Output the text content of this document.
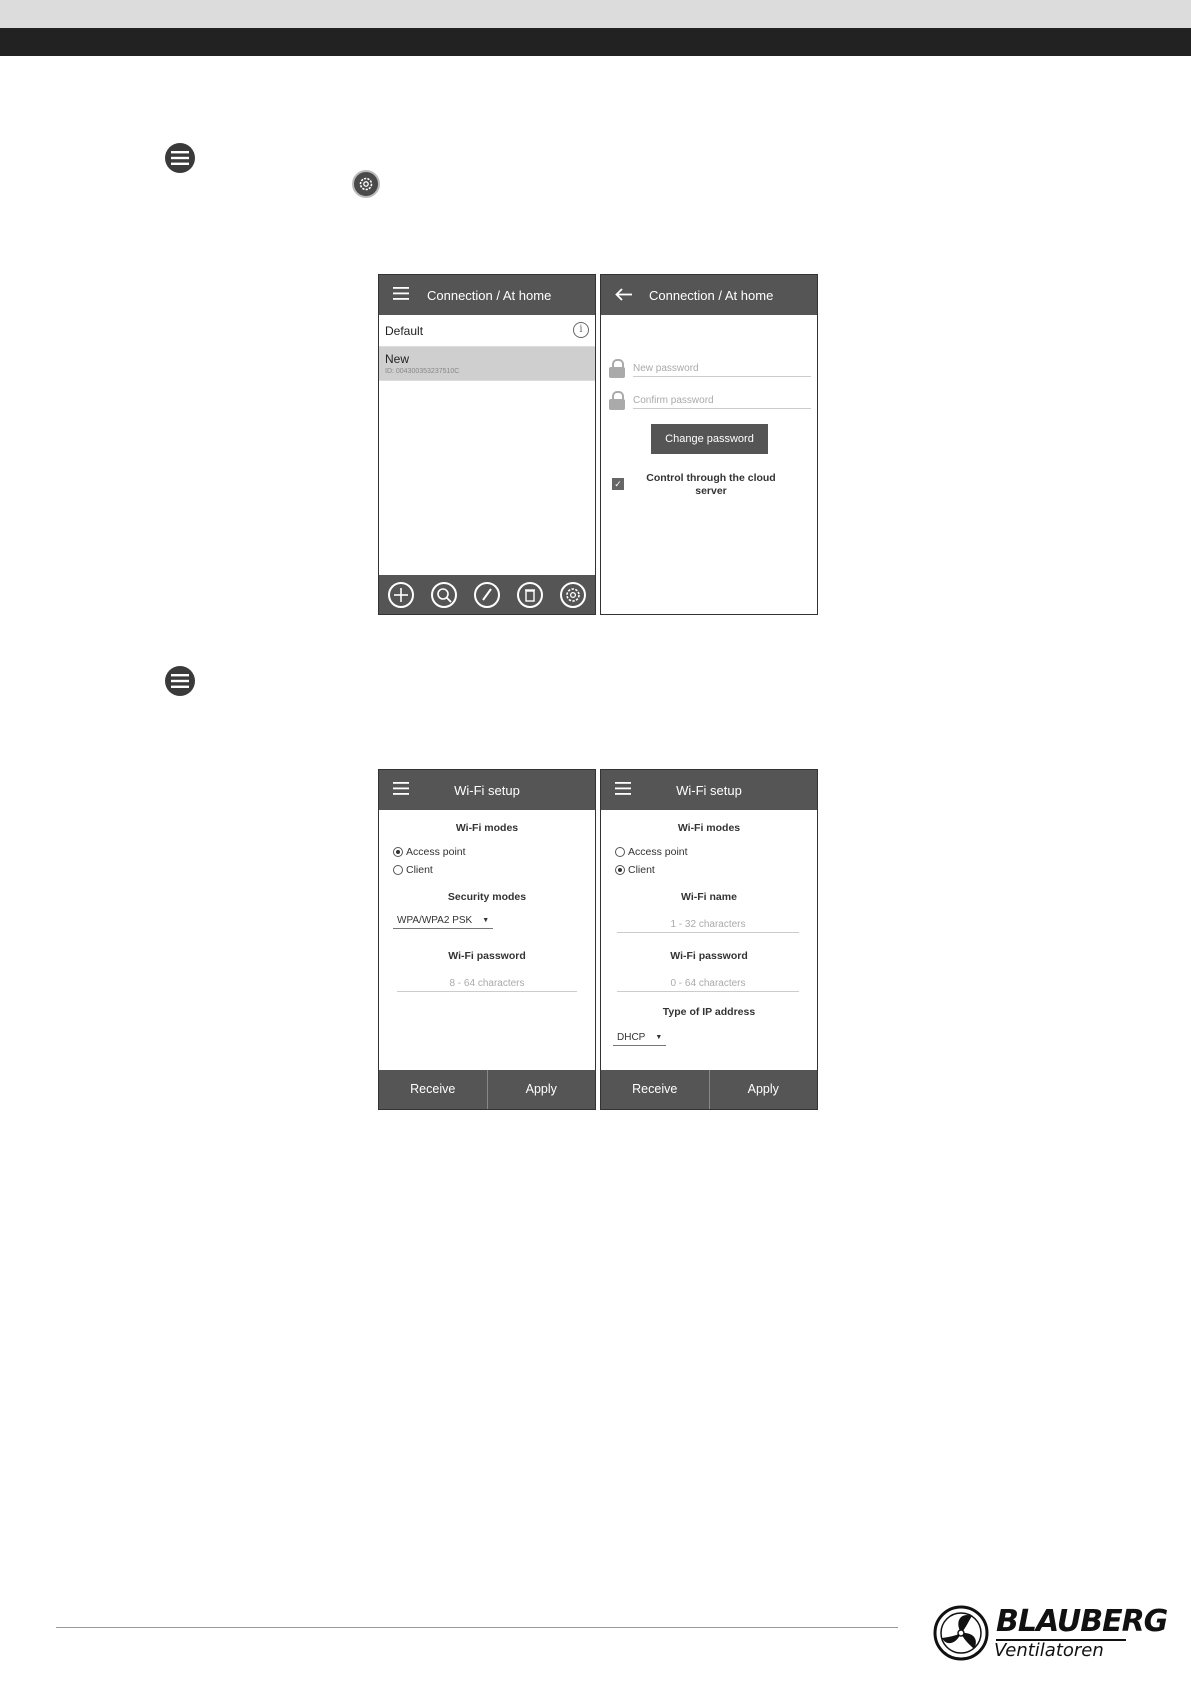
Connection / At home
Default	i
New
ID: 004300353237510C
Connection / At home
New password
Confirm password
Change password
✓	Control through the cloud server
Wi-Fi setup
Wi-Fi modes
Access point
Client
Security modes
WPA/WPA2 PSK ▼
Wi-Fi password
8 - 64 characters
Receive	Apply
Wi-Fi setup
Wi-Fi modes
Access point
Client
Wi-Fi name
1 - 32 characters
Wi-Fi password
0 - 64 characters
Type of IP address
DHCP ▼
Receive	Apply
BLAUBERG
Ventilatoren
